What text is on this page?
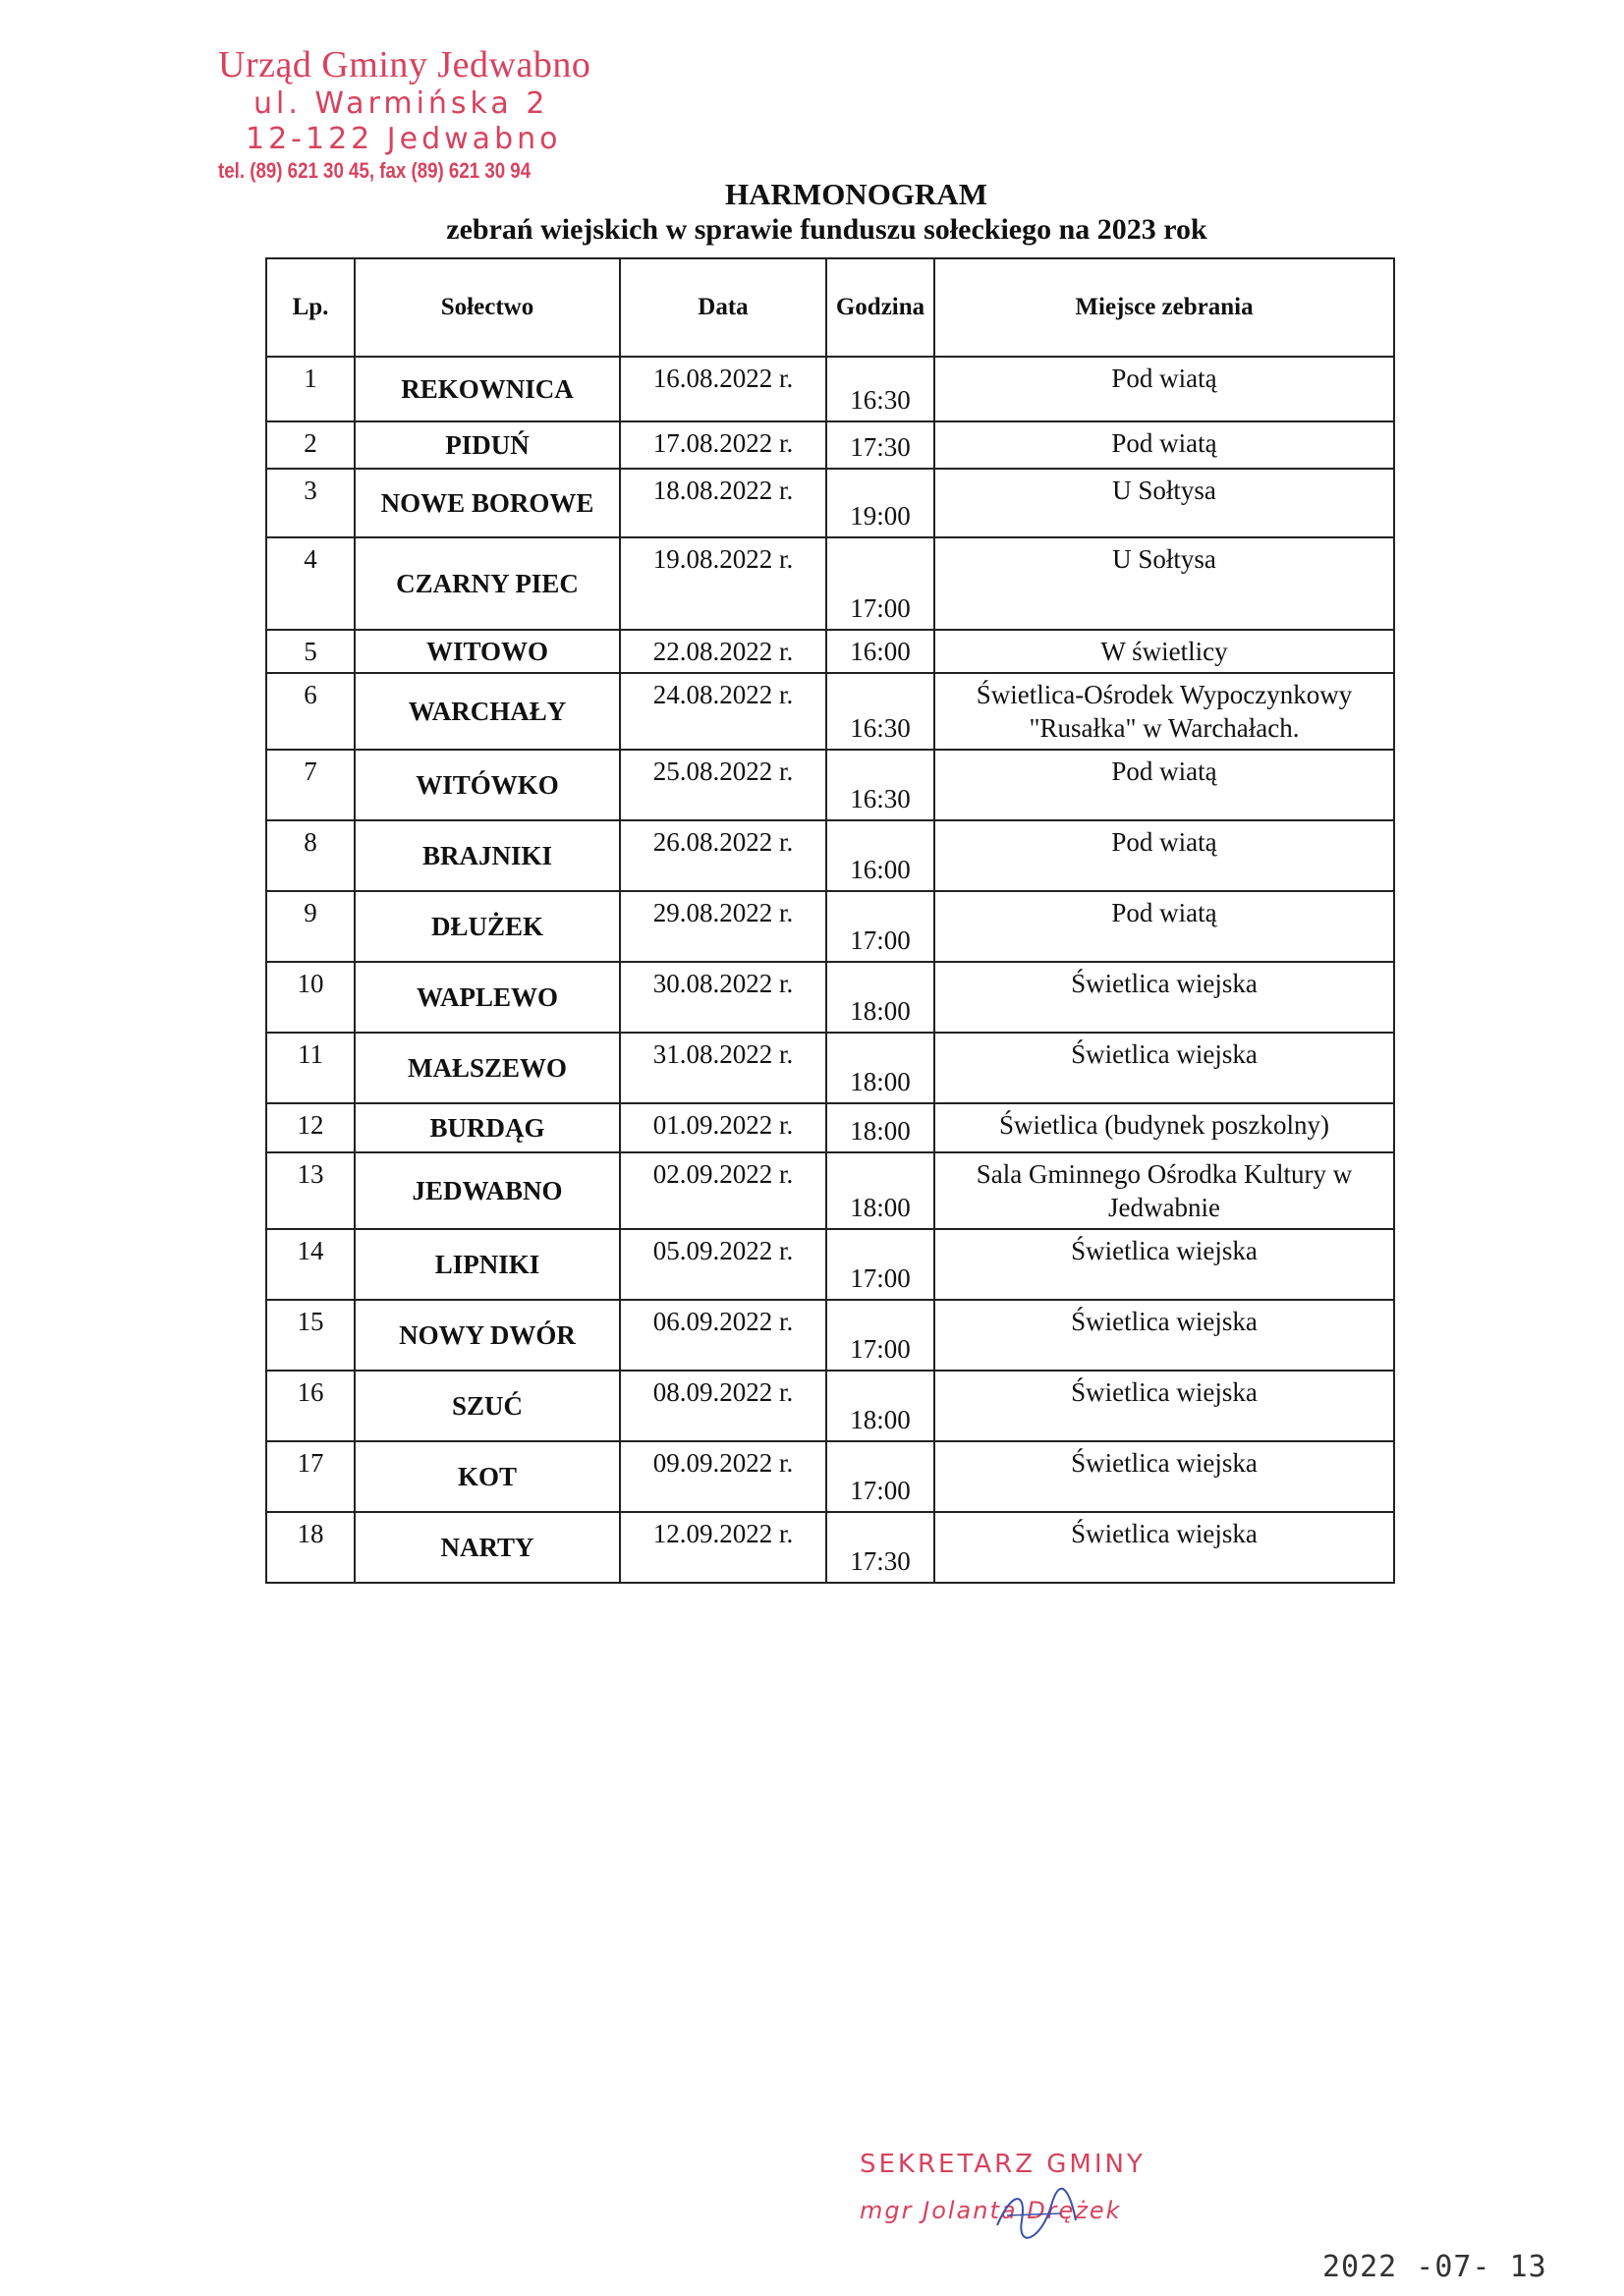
Urząd Gminy Jedwabno
ul. Warmińska 2
12-122 Jedwabno
tel. (89) 621 30 45, fax (89) 621 30 94
HARMONOGRAM
zebrań wiejskich w sprawie funduszu sołeckiego na 2023 rok
Lp.	Sołectwo	Data	Godzina	Miejsce zebrania
1	REKOWNICA	16.08.2022 r.	16:30	Pod wiatą
2	PIDUŃ	17.08.2022 r.	17:30	Pod wiatą
3	NOWE BOROWE	18.08.2022 r.	19:00	U Sołtysa
4	CZARNY PIEC	19.08.2022 r.	17:00	U Sołtysa
5	WITOWO	22.08.2022 r.	16:00	W świetlicy
6	WARCHAŁY	24.08.2022 r.	16:30	Świetlica-Ośrodek Wypoczynkowy "Rusałka" w Warchałach.
7	WITÓWKO	25.08.2022 r.	16:30	Pod wiatą
8	BRAJNIKI	26.08.2022 r.	16:00	Pod wiatą
9	DŁUŻEK	29.08.2022 r.	17:00	Pod wiatą
10	WAPLEWO	30.08.2022 r.	18:00	Świetlica wiejska
11	MAŁSZEWO	31.08.2022 r.	18:00	Świetlica wiejska
12	BURDĄG	01.09.2022 r.	18:00	Świetlica (budynek poszkolny)
13	JEDWABNO	02.09.2022 r.	18:00	Sala Gminnego Ośrodka Kultury w Jedwabnie
14	LIPNIKI	05.09.2022 r.	17:00	Świetlica wiejska
15	NOWY DWÓR	06.09.2022 r.	17:00	Świetlica wiejska
16	SZUĆ	08.09.2022 r.	18:00	Świetlica wiejska
17	KOT	09.09.2022 r.	17:00	Świetlica wiejska
18	NARTY	12.09.2022 r.	17:30	Świetlica wiejska
SEKRETARZ GMINY
mgr Jolanta Drężek
2022 -07- 13
